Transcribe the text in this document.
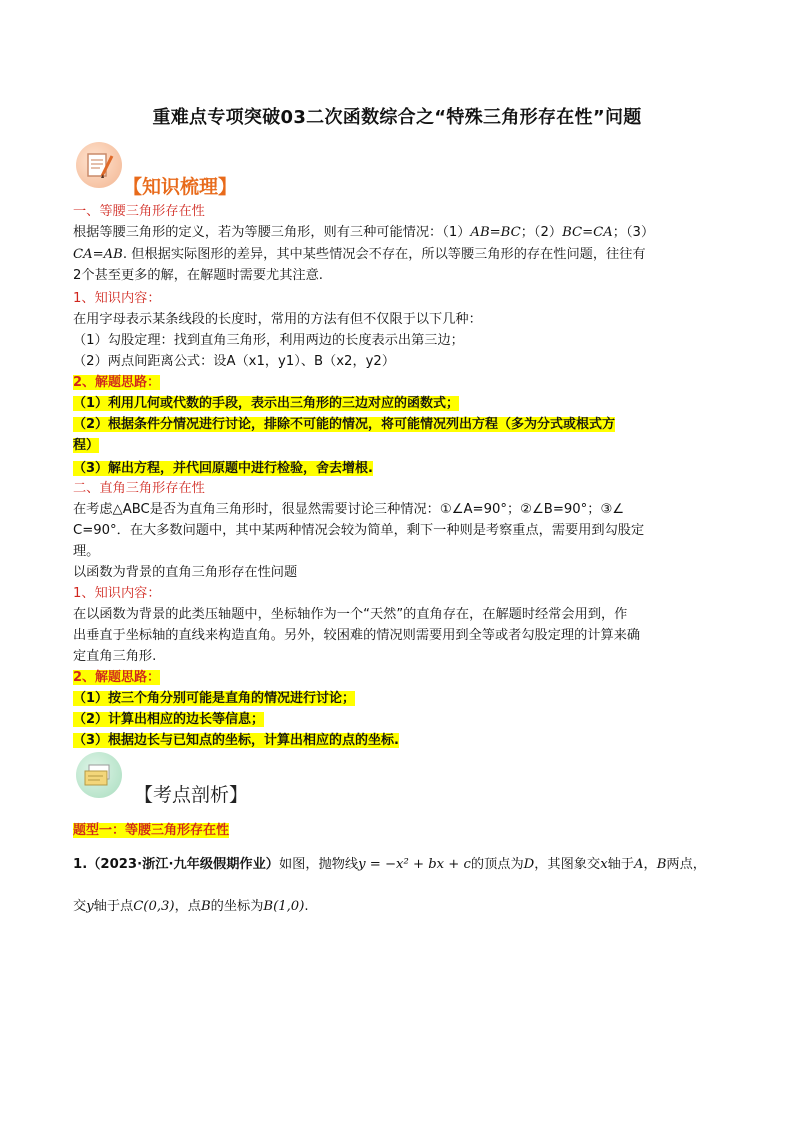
重难点专项突破03二次函数综合之“特殊三角形存在性”问题
【知识梳理】
一、等腰三角形存在性
根据等腰三角形的定义，若为等腰三角形，则有三种可能情况：（1）AB=BC；（2）BC=CA；（3）
CA=AB. 但根据实际图形的差异，其中某些情况会不存在，所以等腰三角形的存在性问题，往往有
2个甚至更多的解，在解题时需要尤其注意.
1、知识内容：
在用字母表示某条线段的长度时，常用的方法有但不仅限于以下几种：
（1）勾股定理：找到直角三角形，利用两边的长度表示出第三边；
（2）两点间距离公式：设A（x1，y1）、B（x2，y2）
2、解题思路：
（1）利用几何或代数的手段，表示出三角形的三边对应的函数式；
（2）根据条件分情况进行讨论，排除不可能的情况，将可能情况列出方程（多为分式或根式方
程）
（3）解出方程，并代回原题中进行检验，舍去增根.
二、直角三角形存在性
在考虑△ABC是否为直角三角形时，很显然需要讨论三种情况：①∠A=90°；②∠B=90°；③∠
C=90°．在大多数问题中，其中某两种情况会较为简单，剩下一种则是考察重点，需要用到勾股定
理。
以函数为背景的直角三角形存在性问题
1、知识内容：
在以函数为背景的此类压轴题中，坐标轴作为一个“天然”的直角存在，在解题时经常会用到，作
出垂直于坐标轴的直线来构造直角。另外，较困难的情况则需要用到全等或者勾股定理的计算来确
定直角三角形.
2、解题思路：
（1）按三个角分别可能是直角的情况进行讨论；
（2）计算出相应的边长等信息；
（3）根据边长与已知点的坐标，计算出相应的点的坐标.
【考点剖析】
题型一：等腰三角形存在性
1.（2023·浙江·九年级假期作业）如图，抛物线y = −x² + bx + c的顶点为D，其图象交x轴于A，B两点，
交y轴于点C(0,3)，点B的坐标为B(1,0).
